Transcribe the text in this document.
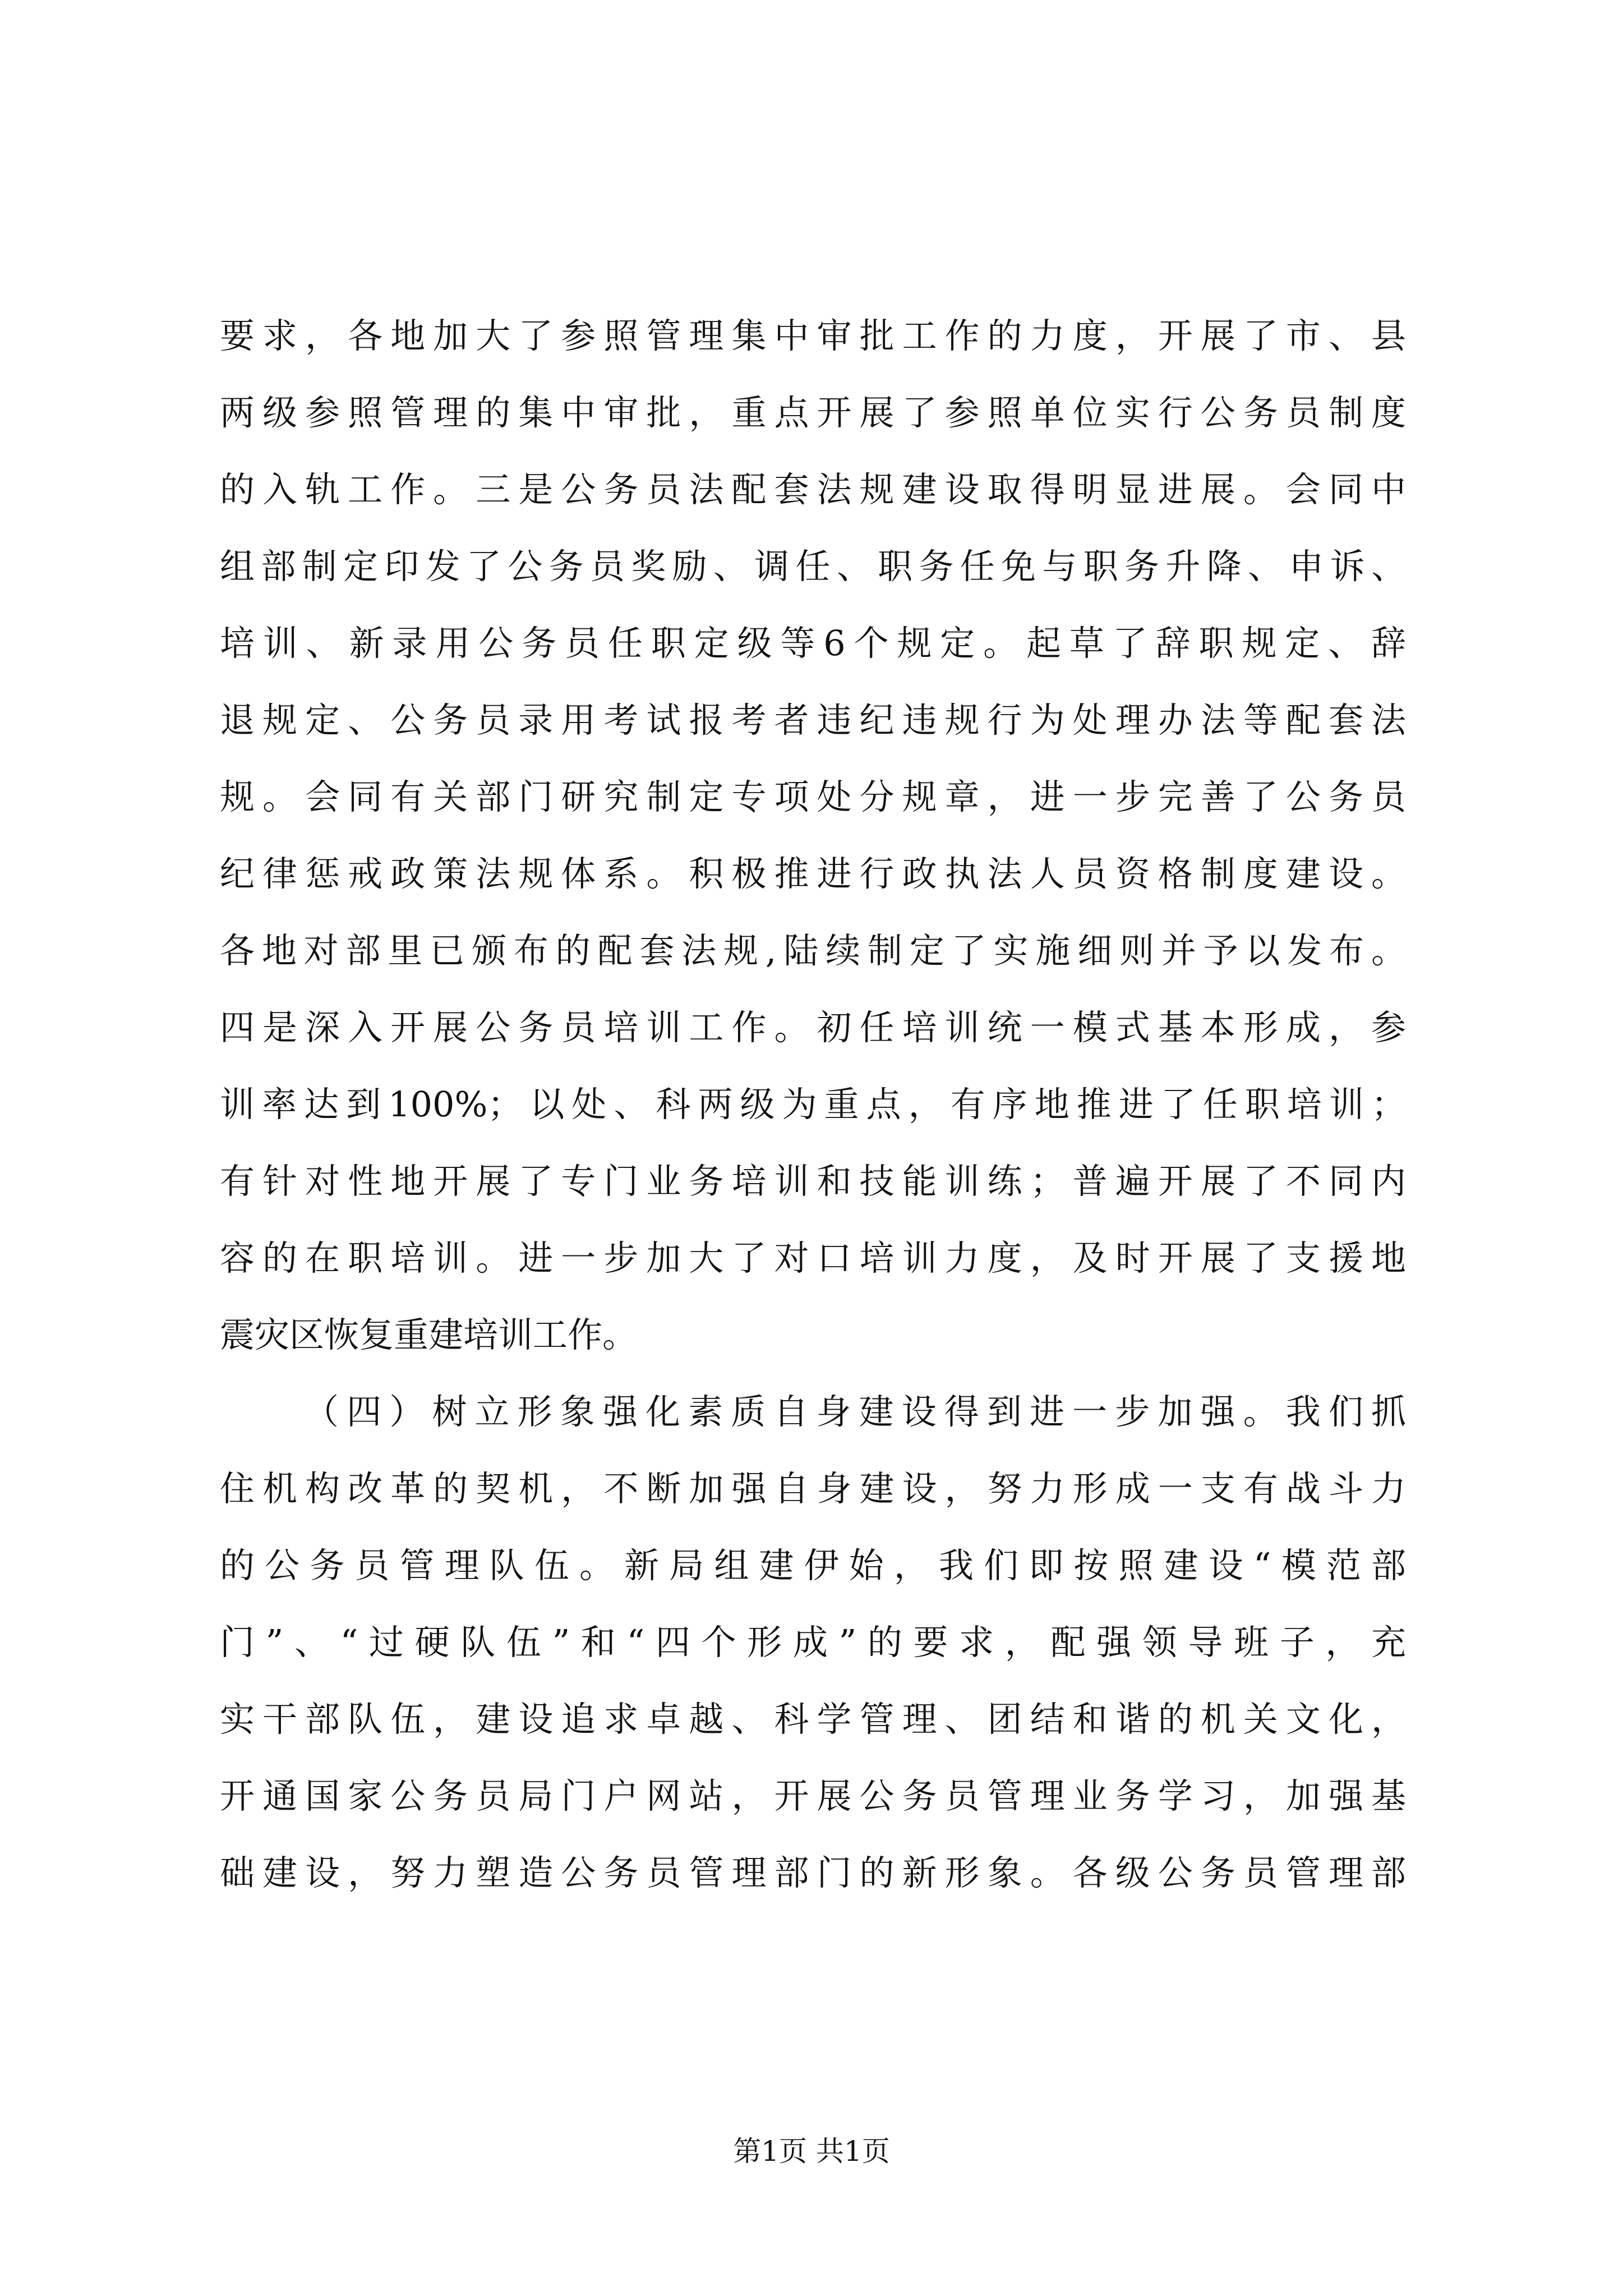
要求，各地加大了参照管理集中审批工作的力度，开展了市、县
两级参照管理的集中审批，重点开展了参照单位实行公务员制度
的入轨工作。三是公务员法配套法规建设取得明显进展。会同中
组部制定印发了公务员奖励、调任、职务任免与职务升降、申诉、
培训、新录用公务员任职定级等6个规定。起草了辞职规定、辞
退规定、公务员录用考试报考者违纪违规行为处理办法等配套法
规。会同有关部门研究制定专项处分规章，进一步完善了公务员
纪律惩戒政策法规体系。积极推进行政执法人员资格制度建设。
各地对部里已颁布的配套法规,陆续制定了实施细则并予以发布。
四是深入开展公务员培训工作。初任培训统一模式基本形成，参
训率达到100%；以处、科两级为重点，有序地推进了任职培训；
有针对性地开展了专门业务培训和技能训练；普遍开展了不同内
容的在职培训。进一步加大了对口培训力度，及时开展了支援地
震灾区恢复重建培训工作。
（四）树立形象强化素质自身建设得到进一步加强。我们抓
住机构改革的契机，不断加强自身建设，努力形成一支有战斗力
的公务员管理队伍。新局组建伊始，我们即按照建设“模范部
门”、“过硬队伍”和“四个形成”的要求，配强领导班子，充
实干部队伍，建设追求卓越、科学管理、团结和谐的机关文化，
开通国家公务员局门户网站，开展公务员管理业务学习，加强基
础建设，努力塑造公务员管理部门的新形象。各级公务员管理部
第1页 共1页
